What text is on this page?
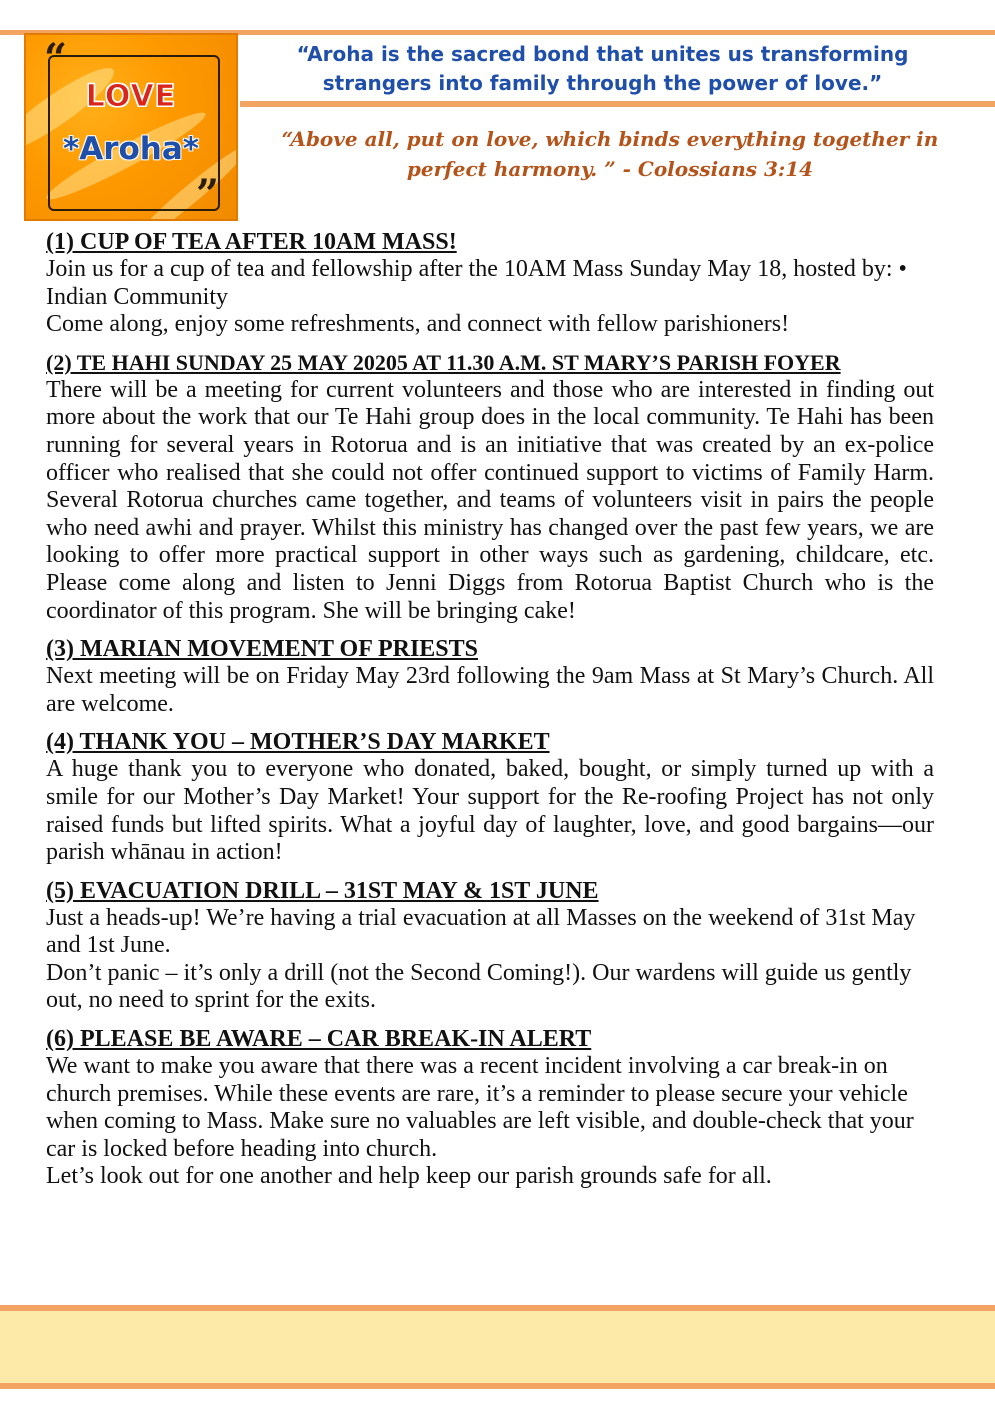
“
”
LOVE
*Aroha*
“Aroha is the sacred bond that unites us transforming
strangers into family through the power of love.”
“Above all, put on love, which binds everything together in
perfect harmony. ” - Colossians 3:14
(1) CUP OF TEA AFTER 10AM MASS!
Join us for a cup of tea and fellowship after the 10AM Mass Sunday May 18, hosted by: • Indian Community
Come along, enjoy some refreshments, and connect with fellow parishioners!
(2) TE HAHI SUNDAY 25 MAY 20205 AT 11.30 A.M. ST MARY’S PARISH FOYER
There will be a meeting for current volunteers and those who are interested in finding out more about the work that our Te Hahi group does in the local community. Te Hahi has been running for several years in Rotorua and is an initiative that was created by an ex-police officer who realised that she could not offer continued support to victims of Family Harm. Several Rotorua churches came together, and teams of volunteers visit in pairs the people who need awhi and prayer. Whilst this ministry has changed over the past few years, we are looking to offer more practical support in other ways such as gardening, childcare, etc. Please come along and listen to Jenni Diggs from Rotorua Baptist Church who is the coordinator of this program. She will be bringing cake!
(3) MARIAN MOVEMENT OF PRIESTS
Next meeting will be on Friday May 23rd following the 9am Mass at St Mary’s Church. All are welcome.
(4) THANK YOU – MOTHER’S DAY MARKET
A huge thank you to everyone who donated, baked, bought, or simply turned up with a smile for our Mother’s Day Market! Your support for the Re-roofing Project has not only raised funds but lifted spirits. What a joyful day of laughter, love, and good bargains—our parish whānau in action!
(5) EVACUATION DRILL – 31ST MAY & 1ST JUNE
Just a heads-up! We’re having a trial evacuation at all Masses on the weekend of 31st May and 1st June.
Don’t panic – it’s only a drill (not the Second Coming!). Our wardens will guide us gently out, no need to sprint for the exits.
(6) PLEASE BE AWARE – CAR BREAK-IN ALERT
We want to make you aware that there was a recent incident involving a car break-in on church premises. While these events are rare, it’s a reminder to please secure your vehicle when coming to Mass. Make sure no valuables are left visible, and double-check that your car is locked before heading into church.
Let’s look out for one another and help keep our parish grounds safe for all.
